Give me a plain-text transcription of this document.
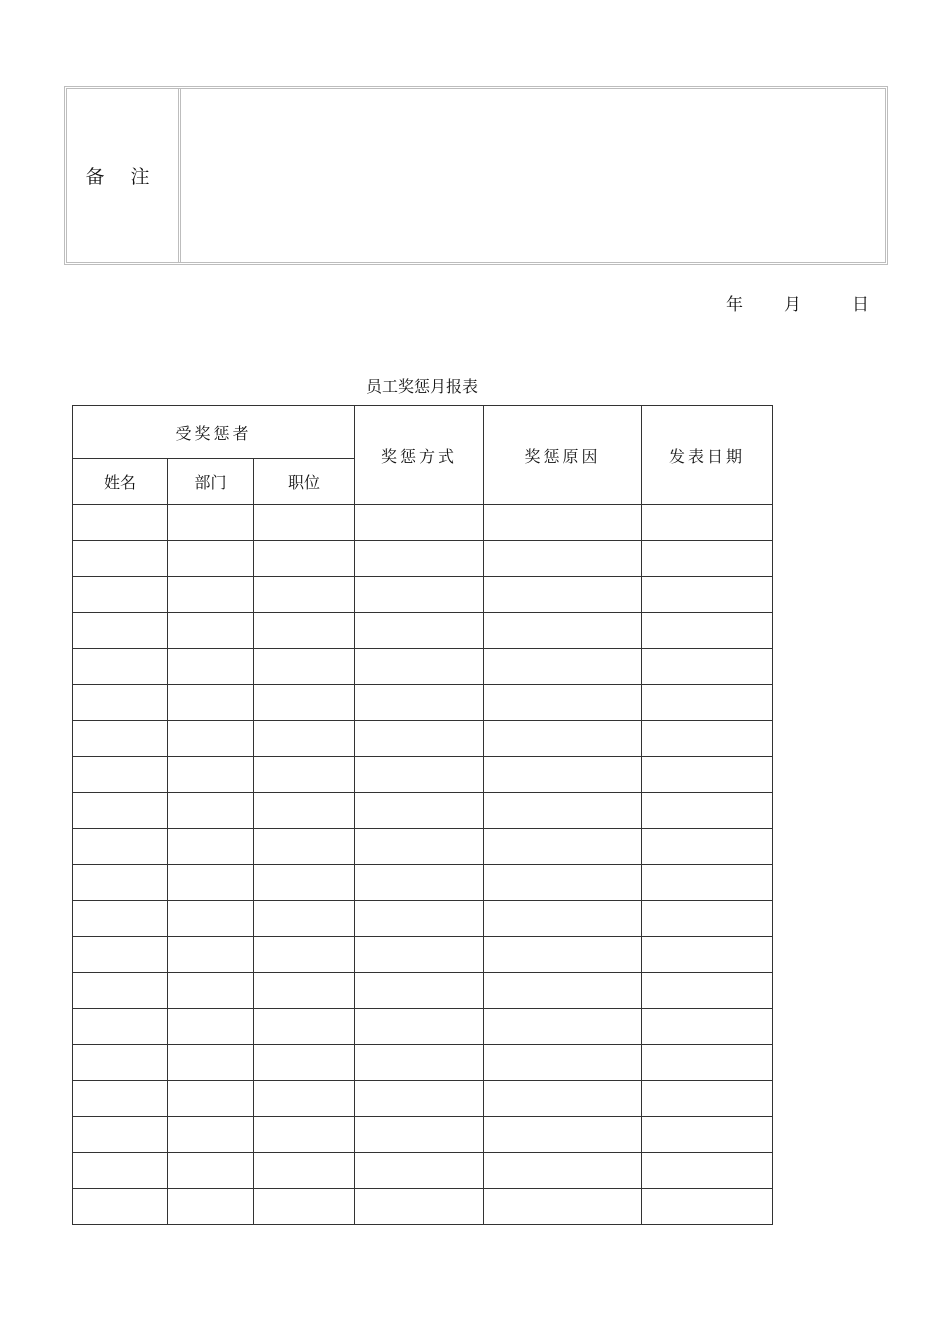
备 注
年 月	日
员工奖惩月报表
受奖惩者			奖惩方式	奖惩原因	发表日期
姓名	部门	职位			
